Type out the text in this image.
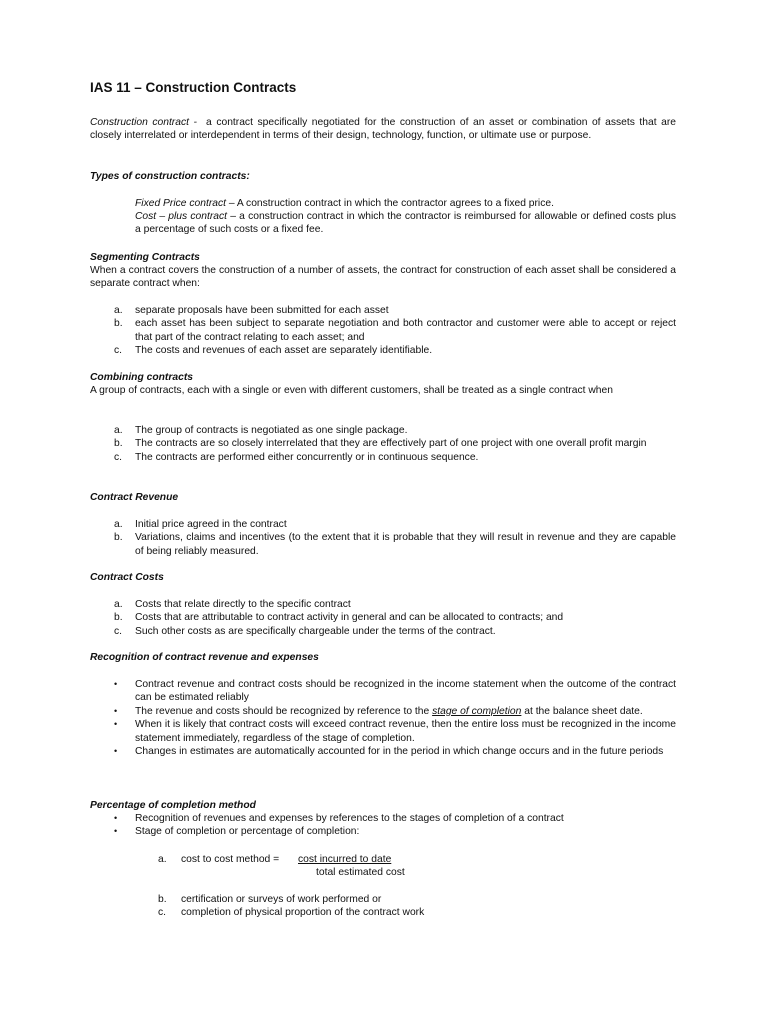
IAS 11 – Construction Contracts
Construction contract - a contract specifically negotiated for the construction of an asset or combination of assets that are closely interrelated or interdependent in terms of their design, technology, function, or ultimate use or purpose.
Types of construction contracts:
Fixed Price contract – A construction contract in which the contractor agrees to a fixed price.
Cost – plus contract – a construction contract in which the contractor is reimbursed for allowable or defined costs plus a percentage of such costs or a fixed fee.
Segmenting Contracts
When a contract covers the construction of a number of assets, the contract for construction of each asset shall be considered a separate contract when:
a. separate proposals have been submitted for each asset
b. each asset has been subject to separate negotiation and both contractor and customer were able to accept or reject that part of the contract relating to each asset; and
c. The costs and revenues of each asset are separately identifiable.
Combining contracts
A group of contracts, each with a single or even with different customers, shall be treated as a single contract when
a. The group of contracts is negotiated as one single package.
b. The contracts are so closely interrelated that they are effectively part of one project with one overall profit margin
c. The contracts are performed either concurrently or in continuous sequence.
Contract Revenue
a. Initial price agreed in the contract
b. Variations, claims and incentives (to the extent that it is probable that they will result in revenue and they are capable of being reliably measured.
Contract Costs
a. Costs that relate directly to the specific contract
b. Costs that are attributable to contract activity in general and can be allocated to contracts; and
c. Such other costs as are specifically chargeable under the terms of the contract.
Recognition of contract revenue and expenses
• Contract revenue and contract costs should be recognized in the income statement when the outcome of the contract can be estimated reliably
• The revenue and costs should be recognized by reference to the stage of completion at the balance sheet date.
• When it is likely that contract costs will exceed contract revenue, then the entire loss must be recognized in the income statement immediately, regardless of the stage of completion.
• Changes in estimates are automatically accounted for in the period in which change occurs and in the future periods
Percentage of completion method
• Recognition of revenues and expenses by references to the stages of completion of a contract
• Stage of completion or percentage of completion:
a. cost to cost method = cost incurred to date
total estimated cost
b. certification or surveys of work performed or
c. completion of physical proportion of the contract work
